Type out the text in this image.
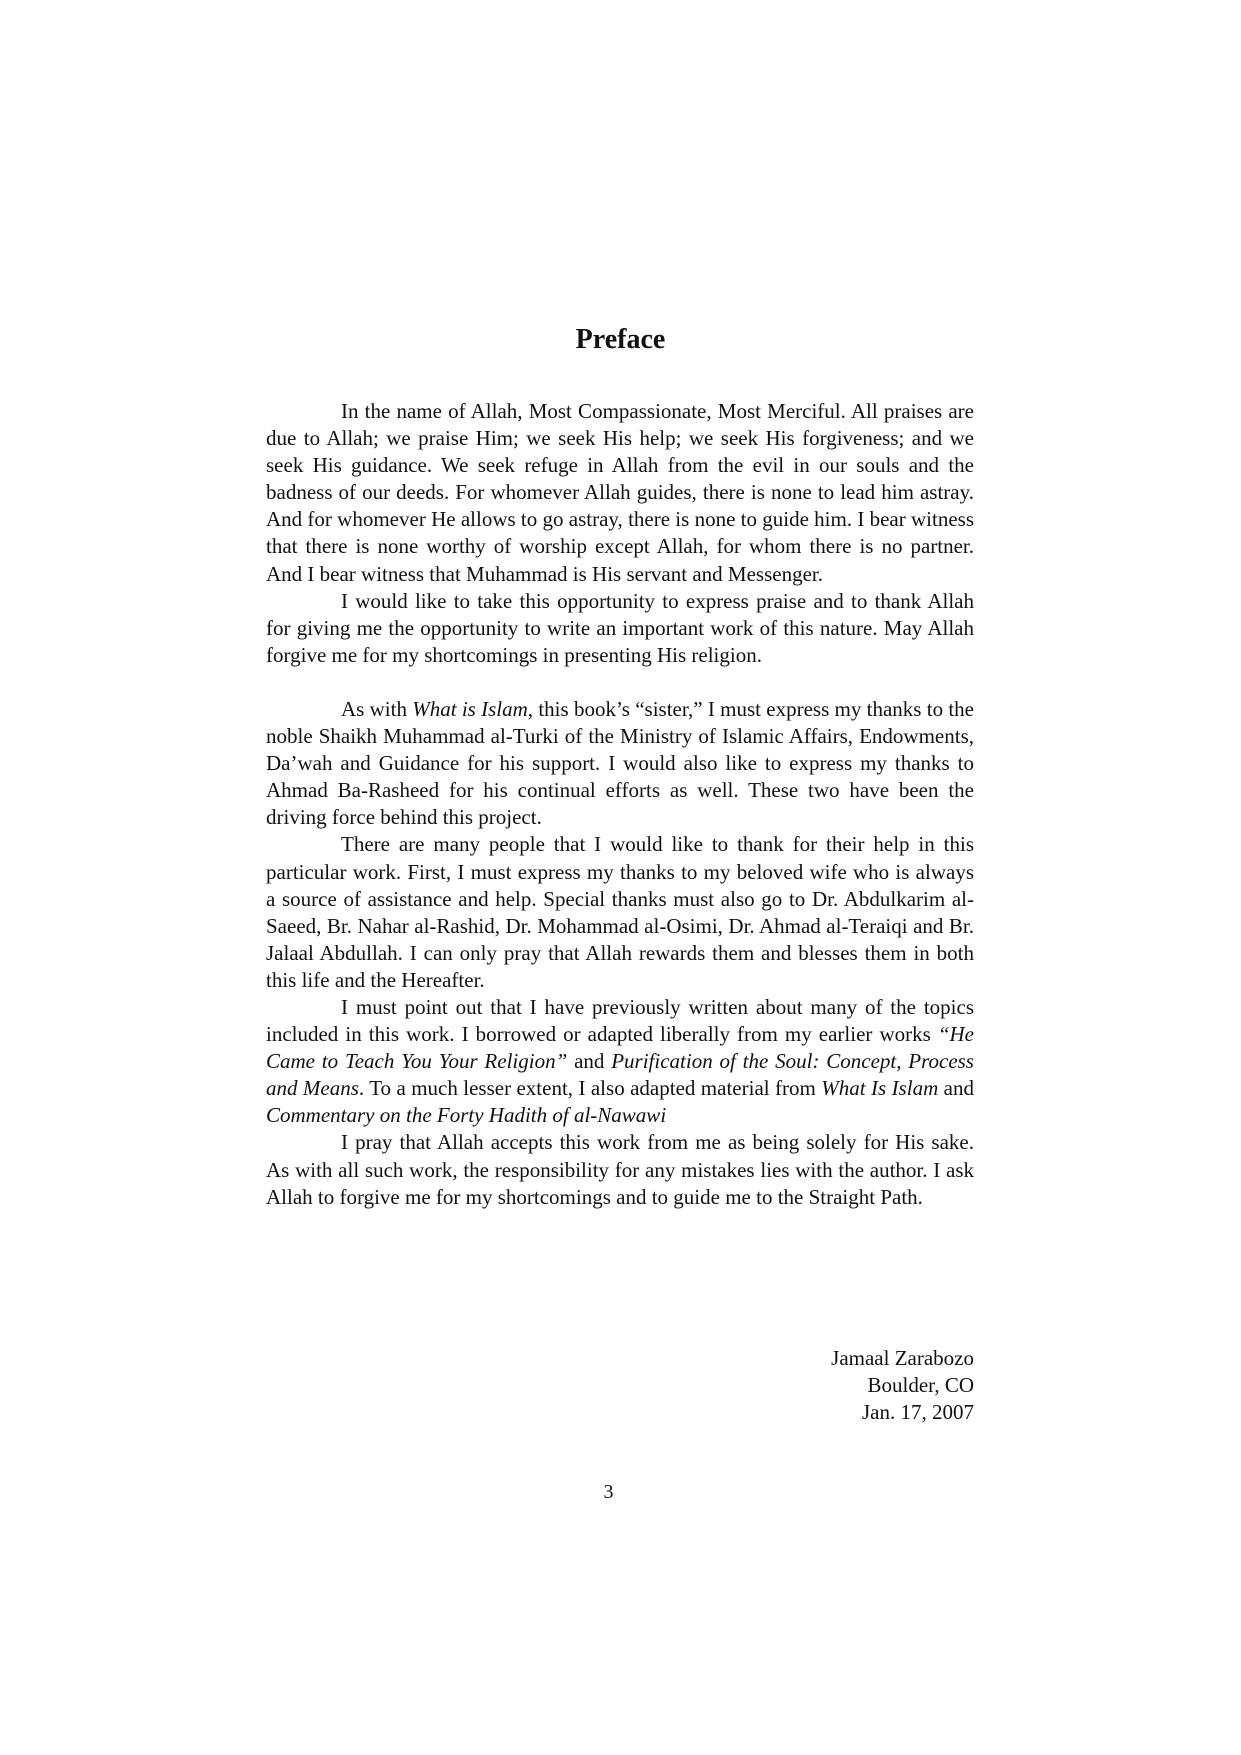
Preface

In the name of Allah, Most Compassionate, Most Merciful. All praises are due to Allah; we praise Him; we seek His help; we seek His forgiveness; and we seek His guidance. We seek refuge in Allah from the evil in our souls and the badness of our deeds. For whomever Allah guides, there is none to lead him astray. And for whomever He allows to go astray, there is none to guide him. I bear witness that there is none worthy of worship except Allah, for whom there is no partner. And I bear witness that Muhammad is His servant and Messenger.

I would like to take this opportunity to express praise and to thank Allah for giving me the opportunity to write an important work of this nature. May Allah forgive me for my shortcomings in presenting His religion.

As with What is Islam, this book’s “sister,” I must express my thanks to the noble Shaikh Muhammad al-Turki of the Ministry of Islamic Affairs, Endowments, Da’wah and Guidance for his support. I would also like to express my thanks to Ahmad Ba-Rasheed for his continual efforts as well. These two have been the driving force behind this project.

There are many people that I would like to thank for their help in this particular work. First, I must express my thanks to my beloved wife who is always a source of assistance and help. Special thanks must also go to Dr. Abdulkarim al-Saeed, Br. Nahar al-Rashid, Dr. Mohammad al-Osimi, Dr. Ahmad al-Teraiqi and Br. Jalaal Abdullah. I can only pray that Allah rewards them and blesses them in both this life and the Hereafter.

I must point out that I have previously written about many of the topics included in this work. I borrowed or adapted liberally from my earlier works “He Came to Teach You Your Religion” and Purification of the Soul: Concept, Process and Means. To a much lesser extent, I also adapted material from What Is Islam and Commentary on the Forty Hadith of al-Nawawi

I pray that Allah accepts this work from me as being solely for His sake. As with all such work, the responsibility for any mistakes lies with the author. I ask Allah to forgive me for my shortcomings and to guide me to the Straight Path.

Jamaal Zarabozo
Boulder, CO
Jan. 17, 2007
3
